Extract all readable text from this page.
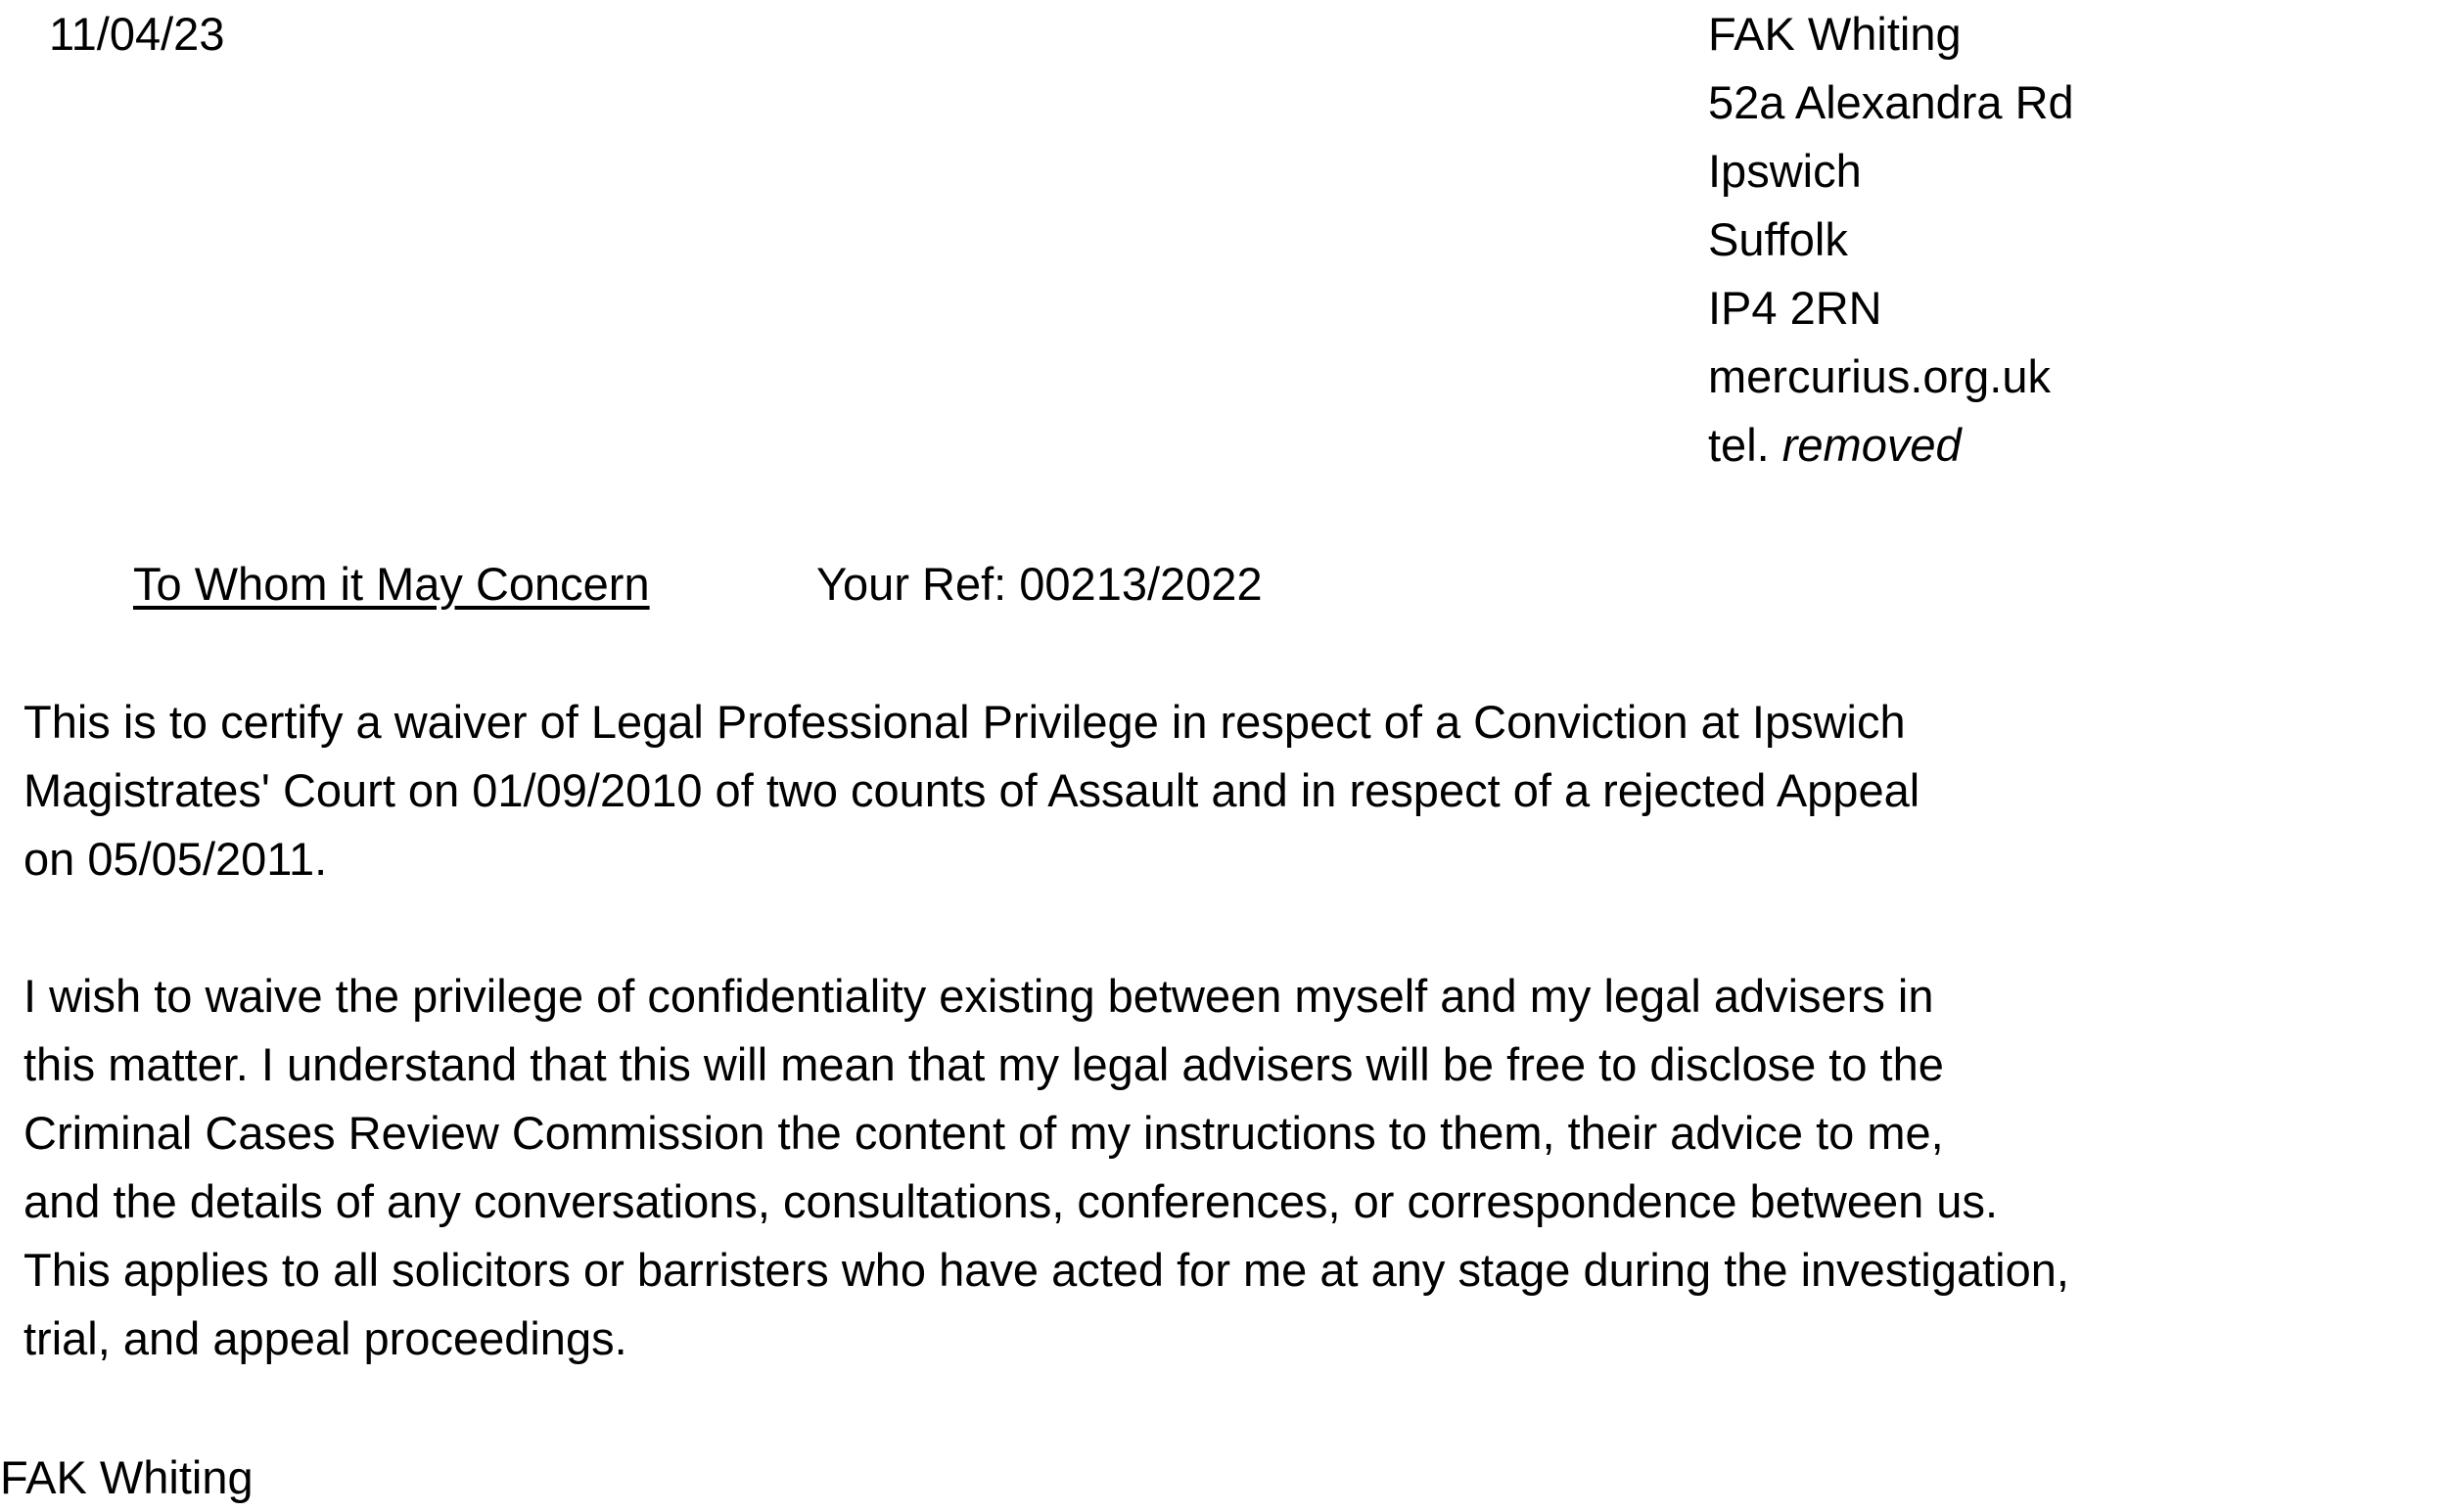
11/04/23	FAK Whiting
52a Alexandra Rd
Ipswich
Suffolk
IP4 2RN
mercurius.org.uk
tel. removed
To Whom it May Concern	Your Ref: 00213/2022
This is to certify a waiver of Legal Professional Privilege in respect of a Conviction at Ipswich
Magistrates' Court on 01/09/2010 of two counts of Assault and in respect of a rejected Appeal
on 05/05/2011.
I wish to waive the privilege of confidentiality existing between myself and my legal advisers in
this matter. I understand that this will mean that my legal advisers will be free to disclose to the
Criminal Cases Review Commission the content of my instructions to them, their advice to me,
and the details of any conversations, consultations, conferences, or correspondence between us.
This applies to all solicitors or barristers who have acted for me at any stage during the investigation,
trial, and appeal proceedings.
FAK Whiting
